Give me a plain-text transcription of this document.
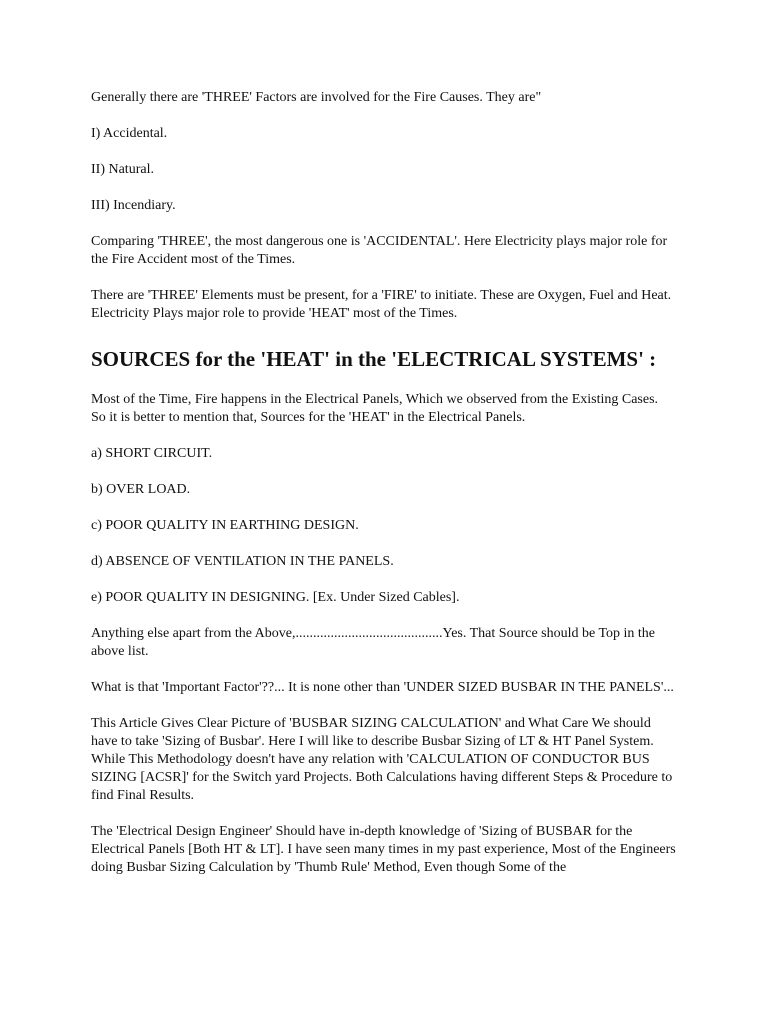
Generally there are 'THREE' Factors are involved for the Fire Causes. They are"

I) Accidental.

II) Natural.

III) Incendiary.

Comparing 'THREE', the most dangerous one is 'ACCIDENTAL'. Here Electricity plays major role for the Fire Accident most of the Times.

There are 'THREE' Elements must be present, for a 'FIRE' to initiate. These are Oxygen, Fuel and Heat. Electricity Plays major role to provide 'HEAT' most of the Times.

SOURCES for the 'HEAT' in the 'ELECTRICAL SYSTEMS' :

Most of the Time, Fire happens in the Electrical Panels, Which we observed from the Existing Cases. So it is better to mention that, Sources for the 'HEAT' in the Electrical Panels.

a) SHORT CIRCUIT.

b) OVER LOAD.

c) POOR QUALITY IN EARTHING DESIGN.

d) ABSENCE OF VENTILATION IN THE PANELS.

e) POOR QUALITY IN DESIGNING. [Ex. Under Sized Cables].

Anything else apart from the Above,..........................................Yes. That Source should be Top in the above list.

What is that 'Important Factor'??... It is none other than 'UNDER SIZED BUSBAR IN THE PANELS'...

This Article Gives Clear Picture of 'BUSBAR SIZING CALCULATION' and What Care We should have to take 'Sizing of Busbar'. Here I will like to describe Busbar Sizing of LT & HT Panel System. While This Methodology doesn't have any relation with 'CALCULATION OF CONDUCTOR BUS SIZING [ACSR]' for the Switch yard Projects. Both Calculations having different Steps & Procedure to find Final Results.

The 'Electrical Design Engineer' Should have in-depth knowledge of 'Sizing of BUSBAR for the Electrical Panels [Both HT & LT]. I have seen many times in my past experience, Most of the Engineers doing Busbar Sizing Calculation by 'Thumb Rule' Method, Even though Some of the
